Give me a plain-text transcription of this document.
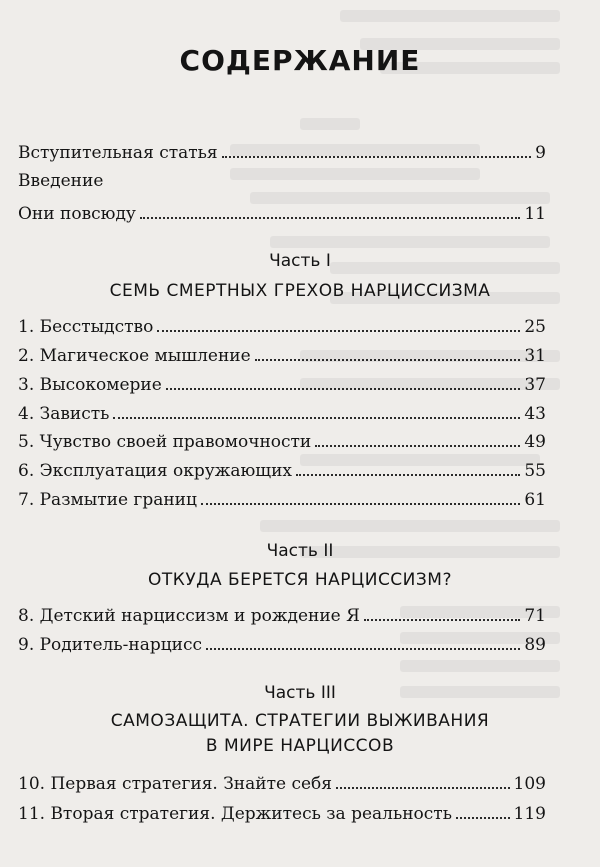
СОДЕРЖАНИЕ
Вступительная статья	9
Введение
Они повсюду	11
Часть I
СЕМЬ СМЕРТНЫХ ГРЕХОВ НАРЦИССИЗМА
1. Бесстыдство	25
2. Магическое мышление	31
3. Высокомерие	37
4. Зависть	43
5. Чувство своей правомочности	49
6. Эксплуатация окружающих	55
7. Размытие границ	61
Часть II
ОТКУДА БЕРЕТСЯ НАРЦИССИЗМ?
8. Детский нарциссизм и рождение Я	71
9. Родитель-нарцисс	89
Часть III
САМОЗАЩИТА. СТРАТЕГИИ ВЫЖИВАНИЯ
В МИРЕ НАРЦИССОВ
10. Первая стратегия. Знайте себя	109
11. Вторая стратегия. Держитесь за реальность	119
